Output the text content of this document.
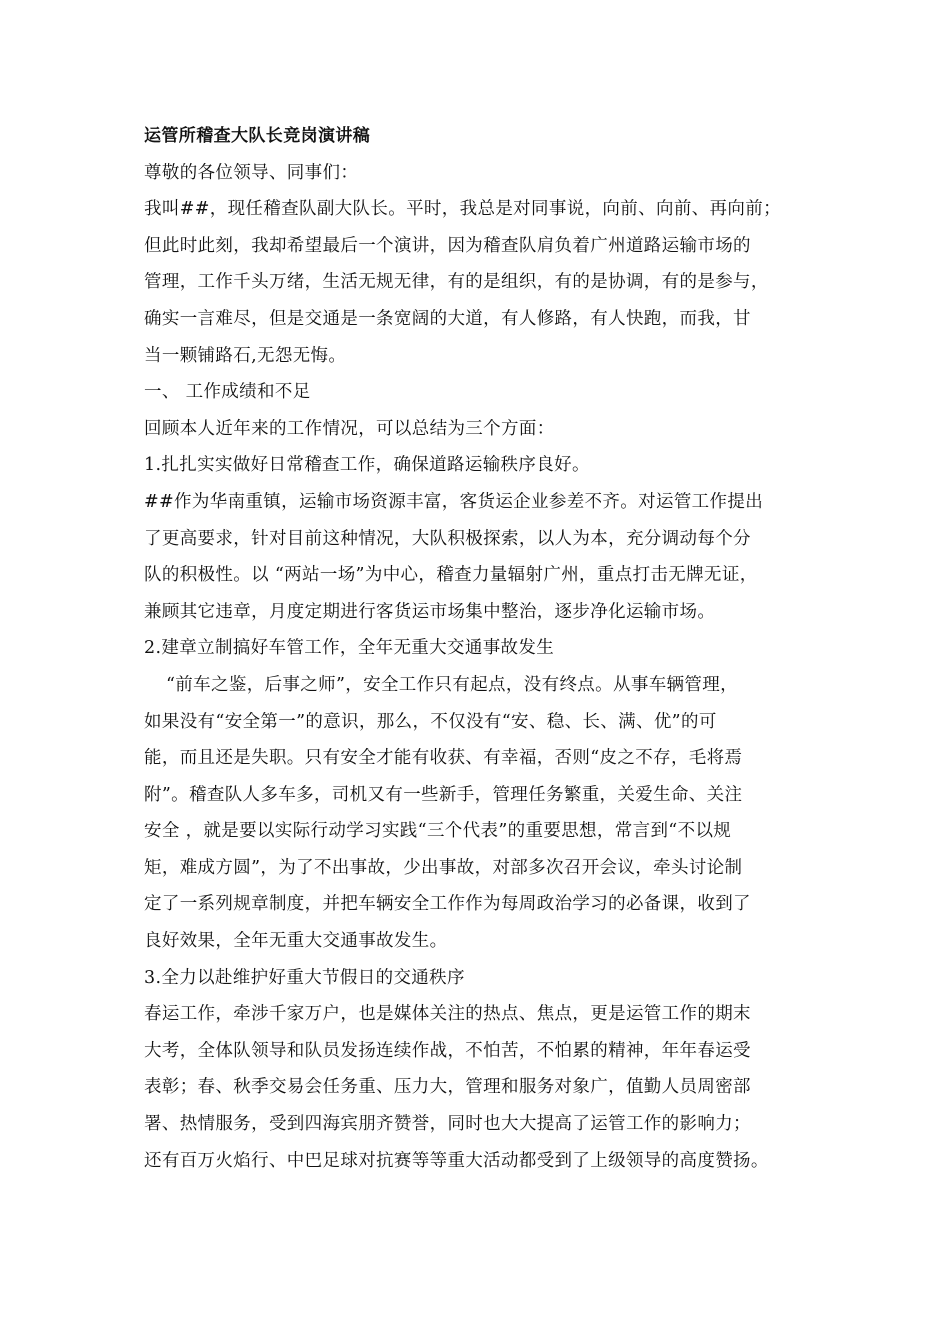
运管所稽查大队长竞岗演讲稿
尊敬的各位领导、同事们：
我叫##，现任稽查队副大队长。平时，我总是对同事说，向前、向前、再向前；
但此时此刻，我却希望最后一个演讲，因为稽查队肩负着广州道路运输市场的
管理，工作千头万绪，生活无规无律，有的是组织，有的是协调，有的是参与，
确实一言难尽，但是交通是一条宽阔的大道，有人修路，有人快跑，而我，甘
当一颗铺路石,无怨无悔。
一、 工作成绩和不足
回顾本人近年来的工作情况，可以总结为三个方面：
1.扎扎实实做好日常稽查工作，确保道路运输秩序良好。
##作为华南重镇，运输市场资源丰富，客货运企业参差不齐。对运管工作提出
了更高要求，针对目前这种情况，大队积极探索，以人为本，充分调动每个分
队的积极性。以 “两站一场”为中心，稽查力量辐射广州，重点打击无牌无证，
兼顾其它违章，月度定期进行客货运市场集中整治，逐步净化运输市场。
2.建章立制搞好车管工作，全年无重大交通事故发生
“前车之鉴，后事之师”，安全工作只有起点，没有终点。从事车辆管理，
如果没有“安全第一”的意识，那么，不仅没有“安、稳、长、满、优”的可
能，而且还是失职。只有安全才能有收获、有幸福，否则“皮之不存，毛将焉
附”。稽查队人多车多，司机又有一些新手，管理任务繁重，关爱生命、关注
安全 ，就是要以实际行动学习实践“三个代表”的重要思想，常言到“不以规
矩，难成方圆”，为了不出事故，少出事故，对部多次召开会议，牵头讨论制
定了一系列规章制度，并把车辆安全工作作为每周政治学习的必备课，收到了
良好效果，全年无重大交通事故发生。
3.全力以赴维护好重大节假日的交通秩序
春运工作，牵涉千家万户，也是媒体关注的热点、焦点，更是运管工作的期末
大考，全体队领导和队员发扬连续作战，不怕苦，不怕累的精神，年年春运受
表彰；春、秋季交易会任务重、压力大，管理和服务对象广，值勤人员周密部
署、热情服务，受到四海宾朋齐赞誉，同时也大大提高了运管工作的影响力；
还有百万火焰行、中巴足球对抗赛等等重大活动都受到了上级领导的高度赞扬。
